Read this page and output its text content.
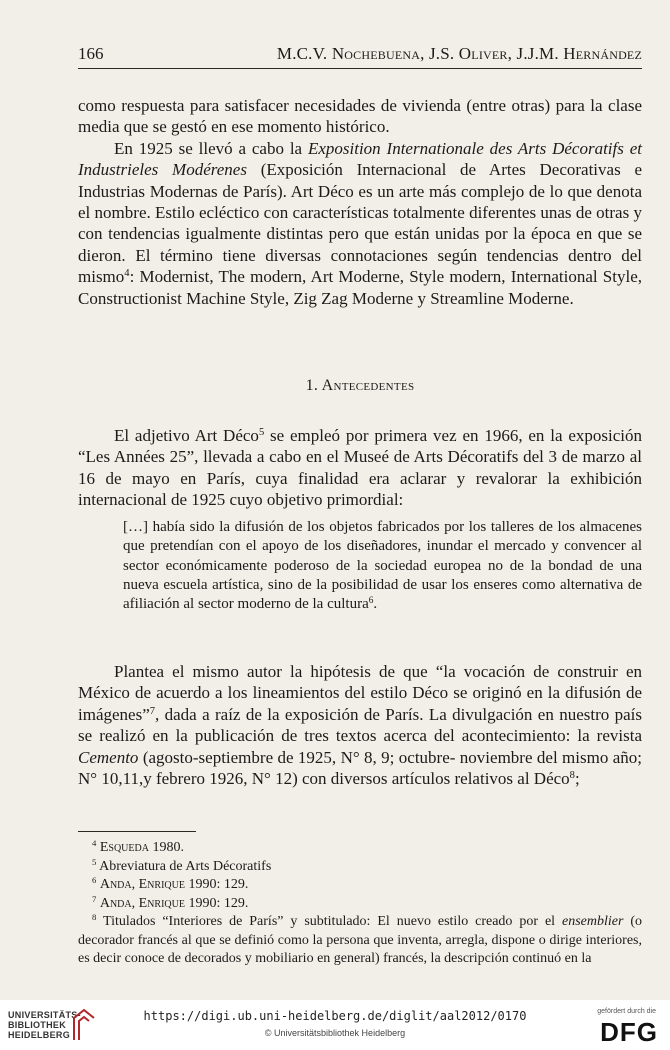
166	M.C.V. Nochebuena, J.S. Oliver, J.J.M. Hernández

como respuesta para satisfacer necesidades de vivienda (entre otras) para la clase media que se gestó en ese momento histórico.

En 1925 se llevó a cabo la Exposition Internationale des Arts Décoratifs et Industrieles Modérenes (Exposición Internacional de Artes Decorativas e Industrias Modernas de París). Art Déco es un arte más complejo de lo que denota el nombre. Estilo ecléctico con características totalmente diferentes unas de otras y con tendencias igualmente distintas pero que están unidas por la época en que se dieron. El término tiene diversas connotaciones según tendencias dentro del mismo$^4$: Modernist, The modern, Art Moderne, Style modern, International Style, Constructionist Machine Style, Zig Zag Moderne y Streamline Moderne.

1. Antecedentes

El adjetivo Art Déco$^5$ se empleó por primera vez en 1966, en la exposición “Les Années 25”, llevada a cabo en el Museé de Arts Décoratifs del 3 de marzo al 16 de mayo en París, cuya finalidad era aclarar y revalorar la exhibición internacional de 1925 cuyo objetivo primordial:

[…] había sido la difusión de los objetos fabricados por los talleres de los almacenes que pretendían con el apoyo de los diseñadores, inundar el mercado y convencer al sector económicamente poderoso de la sociedad europea no de la bondad de una nueva escuela artística, sino de la posibilidad de usar los enseres como alternativa de afiliación al sector moderno de la cultura$^6$.

Plantea el mismo autor la hipótesis de que “la vocación de construir en México de acuerdo a los lineamientos del estilo Déco se originó en la difusión de imágenes”$^7$, dada a raíz de la exposición de París. La divulgación en nuestro país se realizó en la publicación de tres textos acerca del acontecimiento: la revista Cemento (agosto-septiembre de 1925, N° 8, 9; octubre- noviembre del mismo año; N° 10,11,y febrero 1926, N° 12) con diversos artículos relativos al Déco$^8$;

$^4$ Esqueda 1980.

$^5$ Abreviatura de Arts Décoratifs

$^6$ Anda, Enrique 1990: 129.

$^7$ Anda, Enrique 1990: 129.

$^8$ Titulados “Interiores de París” y subtitulado: El nuevo estilo creado por el ensemblier (o decorador francés al que se definió como la persona que inventa, arregla, dispone o dirige interiores, es decir conoce de decorados y mobiliario en general) francés, la descripción continuó en la

UNIVERSITÄTS-
BIBLIOTHEK
HEIDELBERG
https://digi.ub.uni-heidelberg.de/diglit/aal2012/0170
© Universitätsbibliothek Heidelberg
gefördert durch die
DFG
